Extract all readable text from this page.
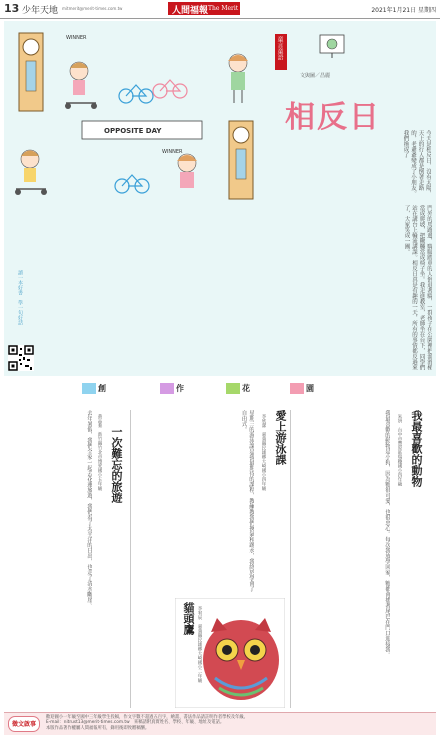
13 少年天地 mitmerit@merit-times.com.tw	人間福報 The Merit Times	2021年1月21日 星期四
WINNER
OPPOSITE DAY
WINNER
童言童語
文與圖／昌麗
相反日
今天是相反日，沒有太陽，天上的行人都是倒著走路的，老爺爺變成了小朋友。我們換成了
門外的馬路邊，騎腳踏車的人倒退著騎，一群孩子在公園裡把溜滑梯當成爬坡，把鞦韆當成椅子坐。我走進教室，老師坐在台下，同學們站在講台上輪流講課。相反日真是有趣的一天，所有的事情都反過來了，大家笑成一團。
讀一本好書　學一句好話
創	作	花	園
我最喜歡的動物
朱妍　台中市豐原區瑞穗國小四年級
我最喜歡的動物是小狗，因為牠很可愛，也很忠心。每次我放學回家，牠都會搖著尾巴在門口迎接我。
愛上游泳課
李欣潔　嘉義縣民雄鄉大崎國小四年級
星期三的游泳課是我最期待的課程，教練教我們換氣和踢水，我終於學會了自由式。
一次難忘的旅遊
黃品蓁　新竹縣竹北市博愛國小五年級
去年暑假，我們全家一起去花蓮旅遊，我們看了太平洋的日出，也走了清水斷崖。
貓頭鷹 李宥辰　嘉義縣民雄鄉大崎國小二年級
徵文啟事
歡迎國小一年級至國中三年級學生投稿，作文字數不超過五百字，繪畫、書法作品請註明作者學校及年級。
E-mail：nitrust13@merit-times.com.tw　來稿請附真實姓名、學校、年級、地址及電話。
本版作品著作權屬人間福報所有，錄用後即致贈稿酬。
